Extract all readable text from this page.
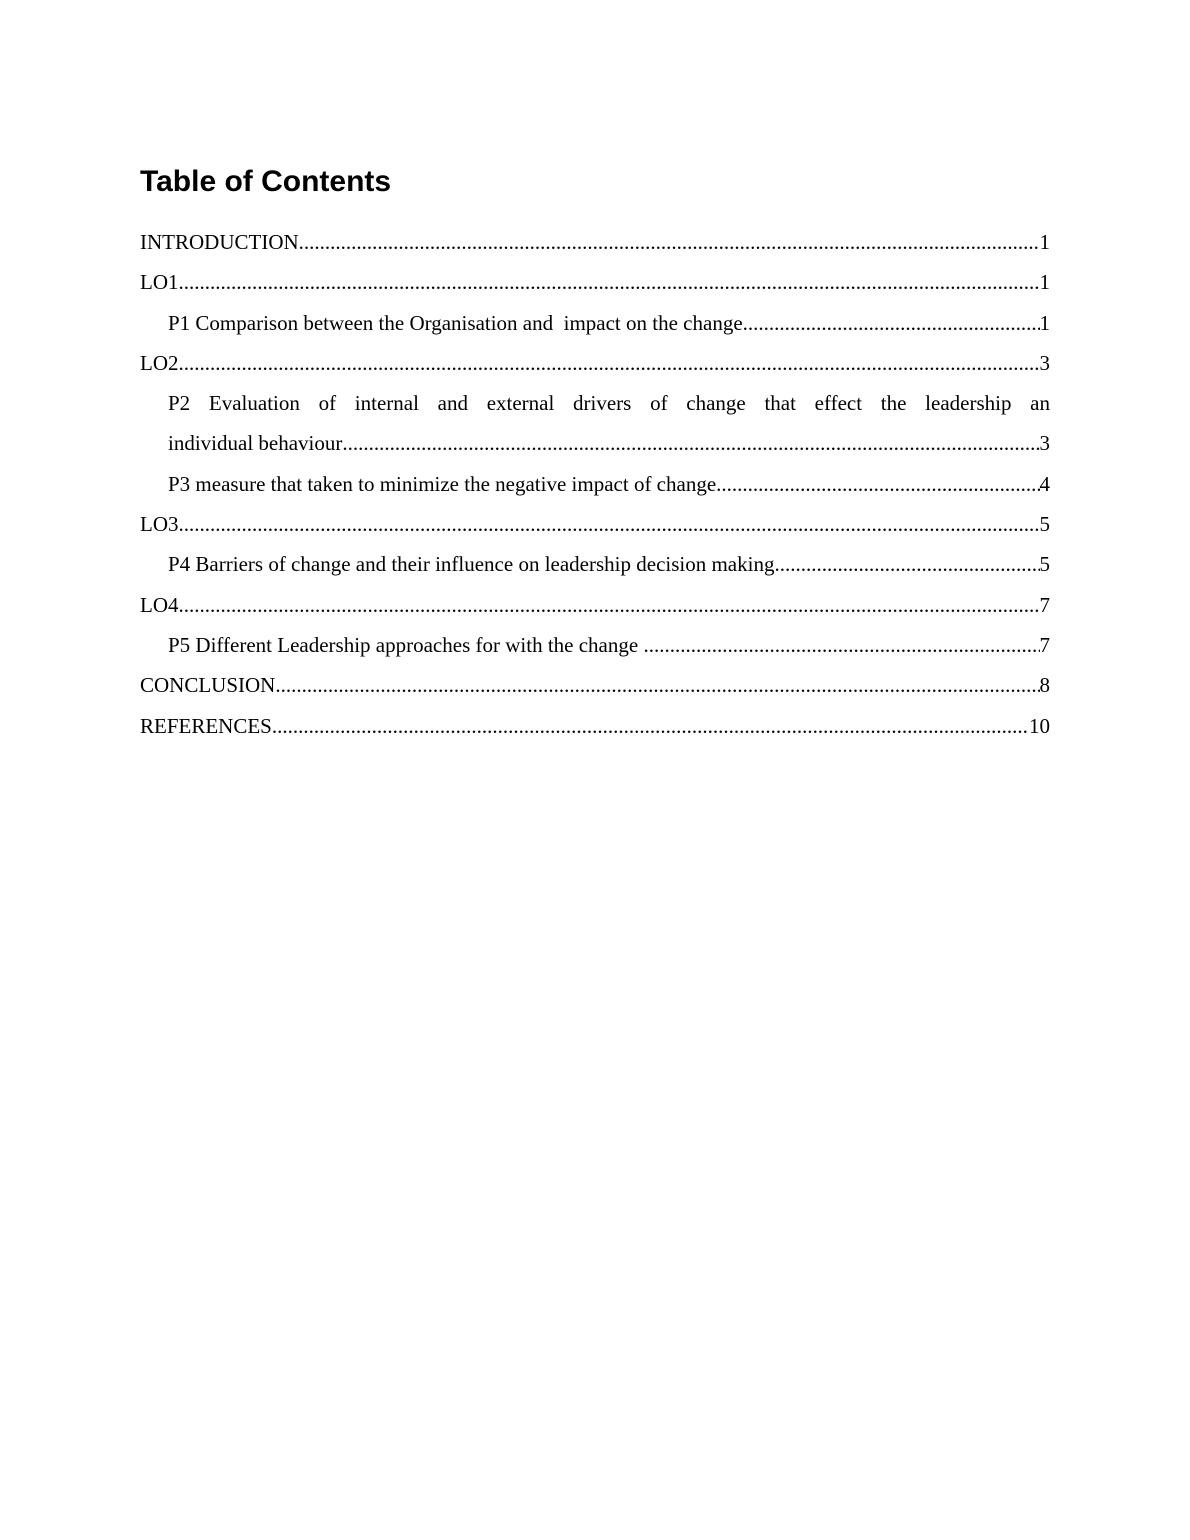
Table of Contents
INTRODUCTION .....	1
LO1 .....	1
P1 Comparison between the Organisation and  impact on the change .....	1
LO2 .....	3
P2 Evaluation of internal and external drivers of change that effect the leadership an
individual behaviour .....	3
P3 measure that taken to minimize the negative impact of change .....	4
LO3 .....	5
P4 Barriers of change and their influence on leadership decision making .....	5
LO4 .....	7
P5 Different Leadership approaches for with the change .....	7
CONCLUSION .....	8
REFERENCES .....	10
